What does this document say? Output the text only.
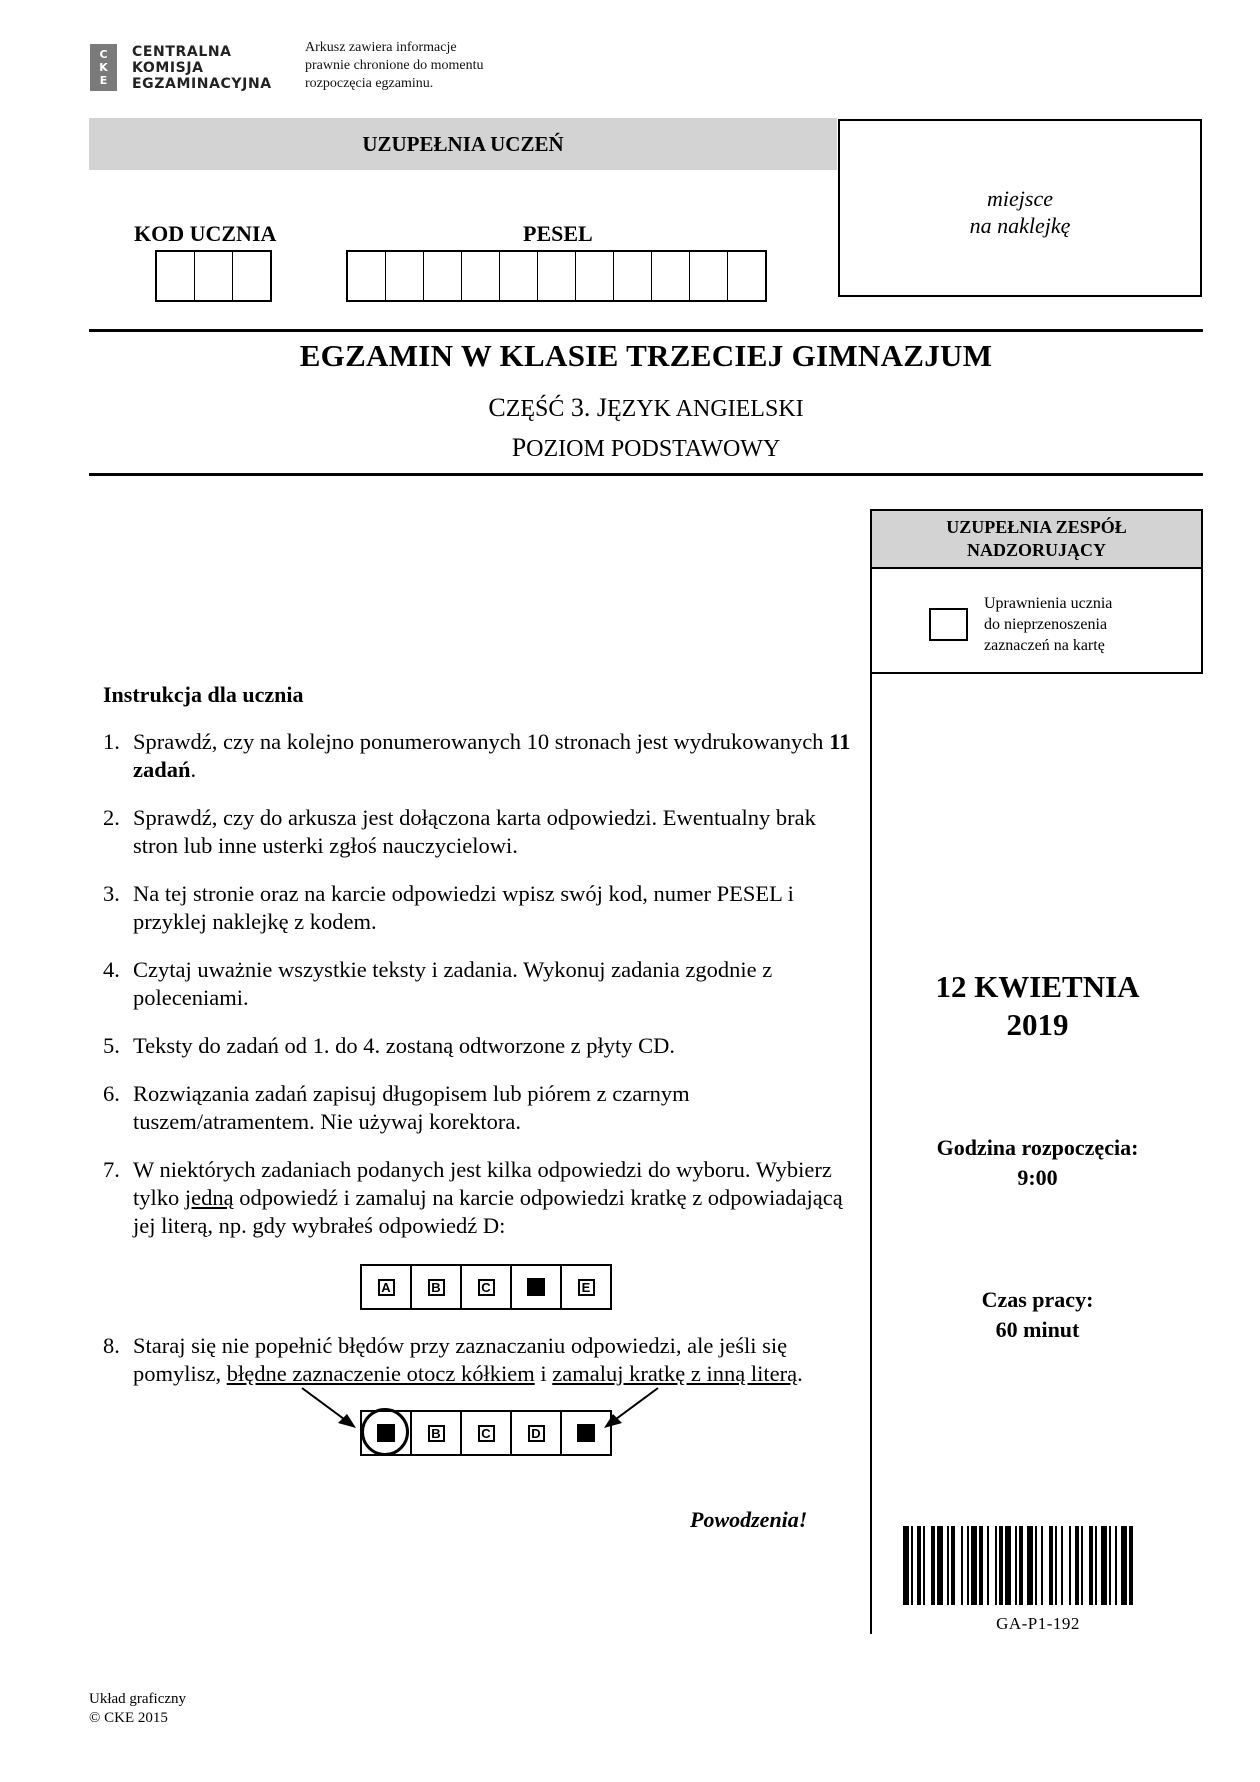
CKE
CENTRALNA
KOMISJA
EGZAMINACYJNA
Arkusz zawiera informacje
prawnie chronione do momentu
rozpoczęcia egzaminu.
UZUPEŁNIA UCZEŃ
KOD UCZNIA	PESEL
miejsce
na naklejkę
EGZAMIN W KLASIE TRZECIEJ GIMNAZJUM
CZĘŚĆ 3. JĘZYK ANGIELSKI
POZIOM PODSTAWOWY
UZUPEŁNIA ZESPÓŁ
NADZORUJĄCY
Uprawnienia ucznia
do nieprzenoszenia
zaznaczeń na kartę
Instrukcja dla ucznia
1. Sprawdź, czy na kolejno ponumerowanych 10 stronach jest wydrukowanych 11 zadań.
2. Sprawdź, czy do arkusza jest dołączona karta odpowiedzi. Ewentualny brak stron lub inne usterki zgłoś nauczycielowi.
3. Na tej stronie oraz na karcie odpowiedzi wpisz swój kod, numer PESEL i przyklej naklejkę z kodem.
4. Czytaj uważnie wszystkie teksty i zadania. Wykonuj zadania zgodnie z poleceniami.
5. Teksty do zadań od 1. do 4. zostaną odtworzone z płyty CD.
6. Rozwiązania zadań zapisuj długopisem lub piórem z czarnym tuszem/atramentem. Nie używaj korektora.
7. W niektórych zadaniach podanych jest kilka odpowiedzi do wyboru. Wybierz tylko jedną odpowiedź i zamaluj na karcie odpowiedzi kratkę z odpowiadającą jej literą, np. gdy wybrałeś odpowiedź D:
A	B	C	E
8. Staraj się nie popełnić błędów przy zaznaczaniu odpowiedzi, ale jeśli się pomylisz, błędne zaznaczenie otocz kółkiem i zamaluj kratkę z inną literą.
B	C	D
12 KWIETNIA
2019
Godzina rozpoczęcia:
9:00
Czas pracy:
60 minut
Powodzenia!
GA-P1-192
Układ graficzny
© CKE 2015
